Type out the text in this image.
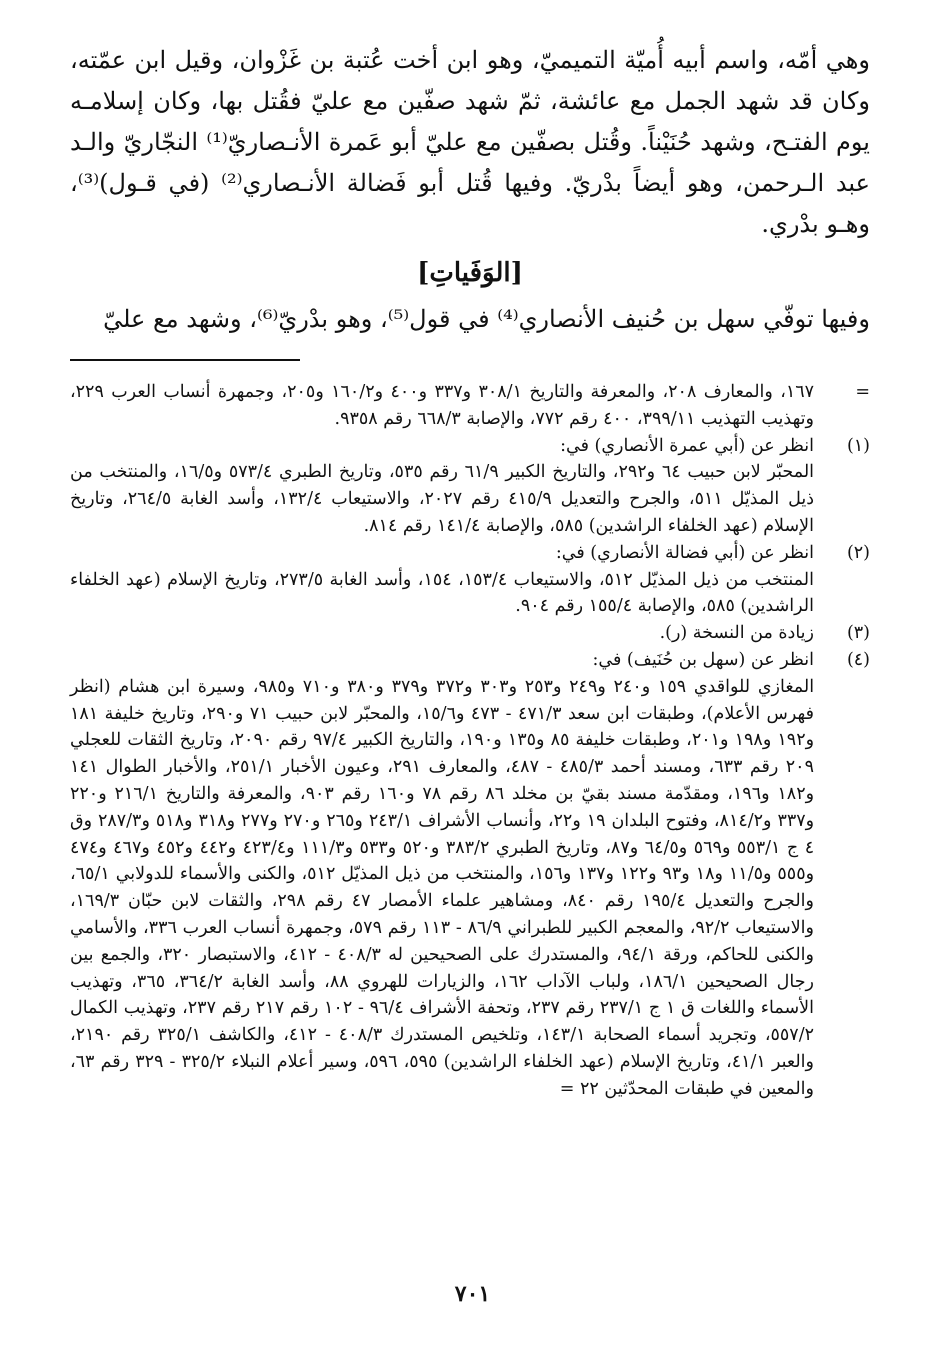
وهي أمّه، واسم أبيه أُميّة التميميّ، وهو ابن أخت عُتبة بن غَزْوان، وقيل ابن عمّته، وكان قد شهد الجمل مع عائشة، ثمّ شهد صفّين مع عليّ فقُتل بها، وكان إسلامـه يوم الفتـح، وشهد حُنَيْناً. وقُتل بصفّين مع عليّ أبو عَمرة الأنـصاريّ⁽¹⁾ النجّاريّ والـد عبد الـرحمن، وهو أيضاً بدْريّ. وفيها قُتل أبو فَضالة الأنـصاري⁽²⁾ (في قـول)⁽³⁾، وهـو بدْري.

[الوَفَياتِ]

وفيها توفّي سهل بن حُنيف الأنصاري⁽⁴⁾ في قول⁽⁵⁾، وهو بدْريّ⁽⁶⁾، وشهد مع عليّ

=
١٦٧، والمعارف ٢٠٨، والمعرفة والتاريخ ٣٠٨/١ و٣٣٧ و٤٠٠ و١٦٠/٢ و٢٠٥، وجمهرة أنساب العرب ٢٢٩، وتهذيب التهذيب ٣٩٩/١١، ٤٠٠ رقم ٧٧٢، والإصابة ٦٦٨/٣ رقم ٩٣٥٨.
(١)
انظر عن (أبي عمرة الأنصاري) في:
المحبّر لابن حبيب ٦٤ و٢٩٢، والتاريخ الكبير ٦١/٩ رقم ٥٣٥، وتاريخ الطبري ٥٧٣/٤ و١٦/٥، والمنتخب من ذيل المذيّل ٥١١، والجرح والتعديل ٤١٥/٩ رقم ٢٠٢٧، والاستيعاب ١٣٢/٤، وأسد الغابة ٢٦٤/٥، وتاريخ الإسلام (عهد الخلفاء الراشدين) ٥٨٥، والإصابة ١٤١/٤ رقم ٨١٤.
(٢)
انظر عن (أبي فضالة الأنصاري) في:
المنتخب من ذيل المذيّل ٥١٢، والاستيعاب ١٥٣/٤، ١٥٤، وأسد الغابة ٢٧٣/٥، وتاريخ الإسلام (عهد الخلفاء الراشدين) ٥٨٥، والإصابة ١٥٥/٤ رقم ٩٠٤.
(٣)
زيادة من النسخة (ر).
(٤)
انظر عن (سهل بن حُنَيف) في:
المغازي للواقدي ١٥٩ و٢٤٠ و٢٤٩ و٢٥٣ و٣٠٣ و٣٧٢ و٣٧٩ و٣٨٠ و٧١٠ و٩٨٥، وسيرة ابن هشام (انظر فهرس الأعلام)، وطبقات ابن سعد ٤٧١/٣ - ٤٧٣ و١٥/٦، والمحبّر لابن حبيب ٧١ و٢٩٠، وتاريخ خليفة ١٨١ و١٩٢ و١٩٨ و٢٠١، وطبقات خليفة ٨٥ و١٣٥ و١٩٠، والتاريخ الكبير ٩٧/٤ رقم ٢٠٩٠، وتاريخ الثقات للعجلي ٢٠٩ رقم ٦٣٣، ومسند أحمد ٤٨٥/٣ - ٤٨٧، والمعارف ٢٩١، وعيون الأخبار ٢٥١/١، والأخبار الطوال ١٤١ و١٨٢ و١٩٦، ومقدّمة مسند بقيّ بن مخلد ٨٦ رقم ٧٨ و١٦٠ رقم ٩٠٣، والمعرفة والتاريخ ٢١٦/١ و٢٢٠ و٣٣٧ و٨١٤/٢، وفتوح البلدان ١٩ و٢٢، وأنساب الأشراف ٢٤٣/١ و٢٦٥ و٢٧٠ و٢٧٧ و٣١٨ و٥١٨ و٢٨٧/٣ وق ٤ ج ٥٥٣/١ و٥٦٩ و٦٤/٥ و٨٧، وتاريخ الطبري ٣٨٣/٢ و٥٢٠ و٥٣٣ و١١١/٣ و٤٢٣/٤ و٤٤٢ و٤٥٢ و٤٦٧ و٤٧٤ و٥٥٥ و١١/٥ و١٨ و٩٣ و١٢٢ و١٣٧ و١٥٦، والمنتخب من ذيل المذيّل ٥١٢، والكنى والأسماء للدولابي ٦٥/١، والجرح والتعديل ١٩٥/٤ رقم ٨٤٠، ومشاهير علماء الأمصار ٤٧ رقم ٢٩٨، والثقات لابن حبّان ١٦٩/٣، والاستيعاب ٩٢/٢، والمعجم الكبير للطبراني ٨٦/٩ - ١١٣ رقم ٥٧٩، وجمهرة أنساب العرب ٣٣٦، والأسامي والكنى للحاكم، ورقة ٩٤/١، والمستدرك على الصحيحين له ٤٠٨/٣ - ٤١٢، والاستبصار ٣٢٠، والجمع بين رجال الصحيحين ١٨٦/١، ولباب الآداب ١٦٢، والزيارات للهروي ٨٨، وأسد الغابة ٣٦٤/٢، ٣٦٥، وتهذيب الأسماء واللغات ق ١ ج ٢٣٧/١ رقم ٢٣٧، وتحفة الأشراف ٩٦/٤ - ١٠٢ رقم ٢١٧ رقم ٢٣٧، وتهذيب الكمال ٥٥٧/٢، وتجريد أسماء الصحابة ١٤٣/١، وتلخيص المستدرك ٤٠٨/٣ - ٤١٢، والكاشف ٣٢٥/١ رقم ٢١٩٠، والعبر ٤١/١، وتاريخ الإسلام (عهد الخلفاء الراشدين) ٥٩٥، ٥٩٦، وسير أعلام النبلاء ٣٢٥/٢ - ٣٢٩ رقم ٦٣، والمعين في طبقات المحدّثين ٢٢ =
٧٠١
